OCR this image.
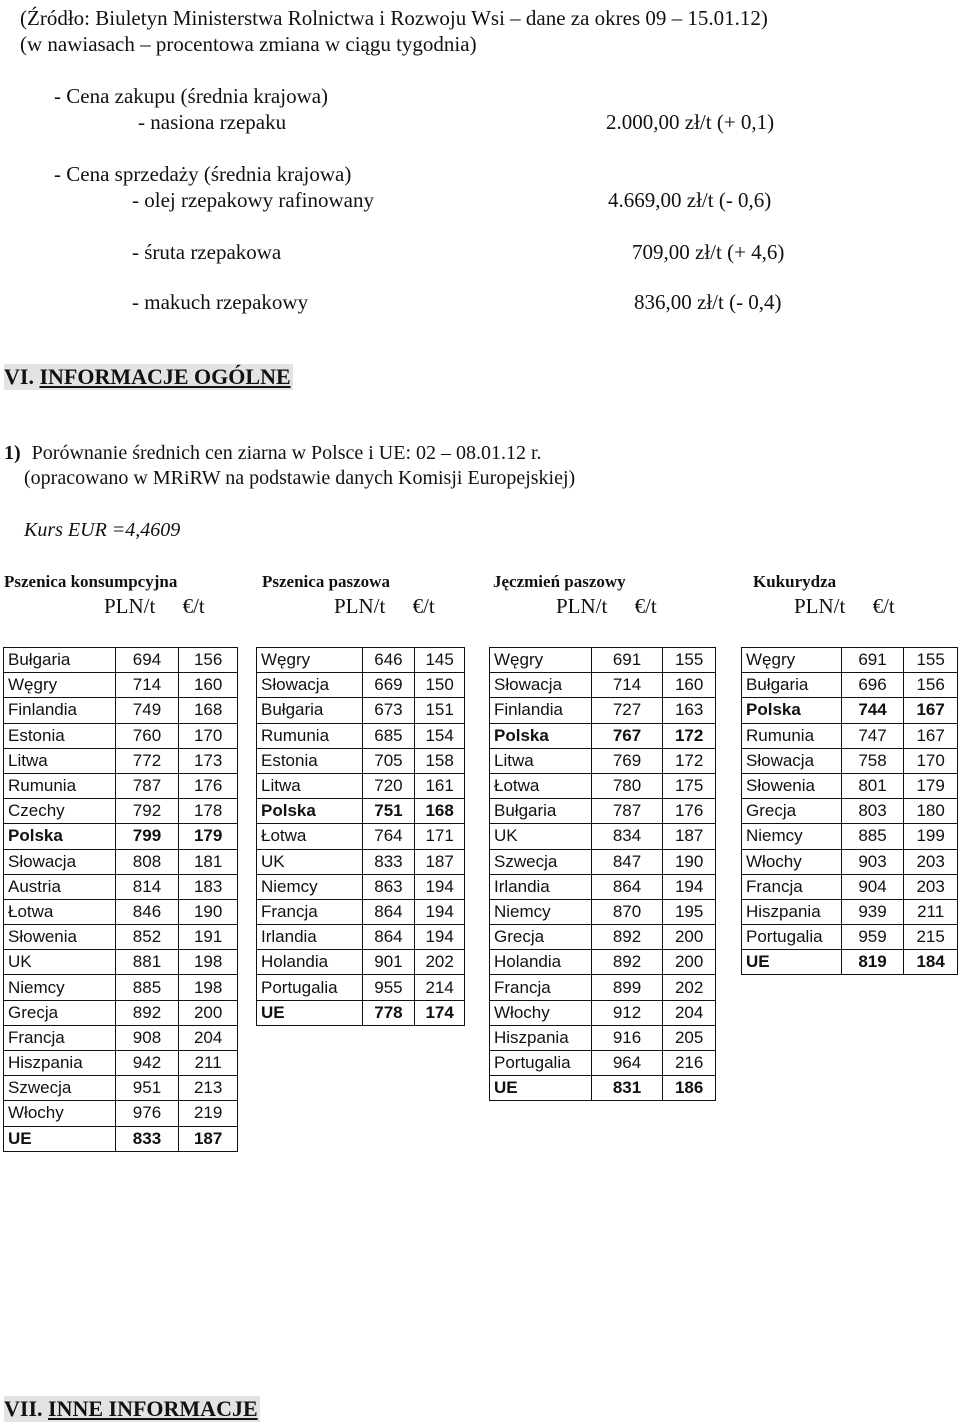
(Źródło: Biuletyn Ministerstwa Rolnictwa i Rozwoju Wsi – dane za okres 09 – 15.01.12)
(w nawiasach – procentowa zmiana w ciągu tygodnia)
- Cena zakupu (średnia krajowa)
- nasiona rzepaku	2.000,00 zł/t (+ 0,1)
- Cena sprzedaży (średnia krajowa)
- olej rzepakowy rafinowany	4.669,00 zł/t (- 0,6)
- śruta rzepakowa	709,00 zł/t (+ 4,6)
- makuch rzepakowy	836,00 zł/t (- 0,4)
VI. INFORMACJE OGÓLNE
1) Porównanie średnich cen ziarna w Polsce i UE: 02 – 08.01.12 r.
(opracowano w MRiRW na podstawie danych Komisji Europejskiej)
Kurs EUR =4,4609
Pszenica konsumpcyjna	Pszenica paszowa	Jęczmień paszowy	Kukurydza
PLN/t €/t	PLN/t €/t	PLN/t €/t	PLN/t €/t
Bułgaria	694	156
Węgry	714	160
Finlandia	749	168
Estonia	760	170
Litwa	772	173
Rumunia	787	176
Czechy	792	178
Polska	799	179
Słowacja	808	181
Austria	814	183
Łotwa	846	190
Słowenia	852	191
UK	881	198
Niemcy	885	198
Grecja	892	200
Francja	908	204
Hiszpania	942	211
Szwecja	951	213
Włochy	976	219
UE	833	187
Węgry	646	145
Słowacja	669	150
Bułgaria	673	151
Rumunia	685	154
Estonia	705	158
Litwa	720	161
Polska	751	168
Łotwa	764	171
UK	833	187
Niemcy	863	194
Francja	864	194
Irlandia	864	194
Holandia	901	202
Portugalia	955	214
UE	778	174
Węgry	691	155
Słowacja	714	160
Finlandia	727	163
Polska	767	172
Litwa	769	172
Łotwa	780	175
Bułgaria	787	176
UK	834	187
Szwecja	847	190
Irlandia	864	194
Niemcy	870	195
Grecja	892	200
Holandia	892	200
Francja	899	202
Włochy	912	204
Hiszpania	916	205
Portugalia	964	216
UE	831	186
Węgry	691	155
Bułgaria	696	156
Polska	744	167
Rumunia	747	167
Słowacja	758	170
Słowenia	801	179
Grecja	803	180
Niemcy	885	199
Włochy	903	203
Francja	904	203
Hiszpania	939	211
Portugalia	959	215
UE	819	184
VII. INNE INFORMACJE
